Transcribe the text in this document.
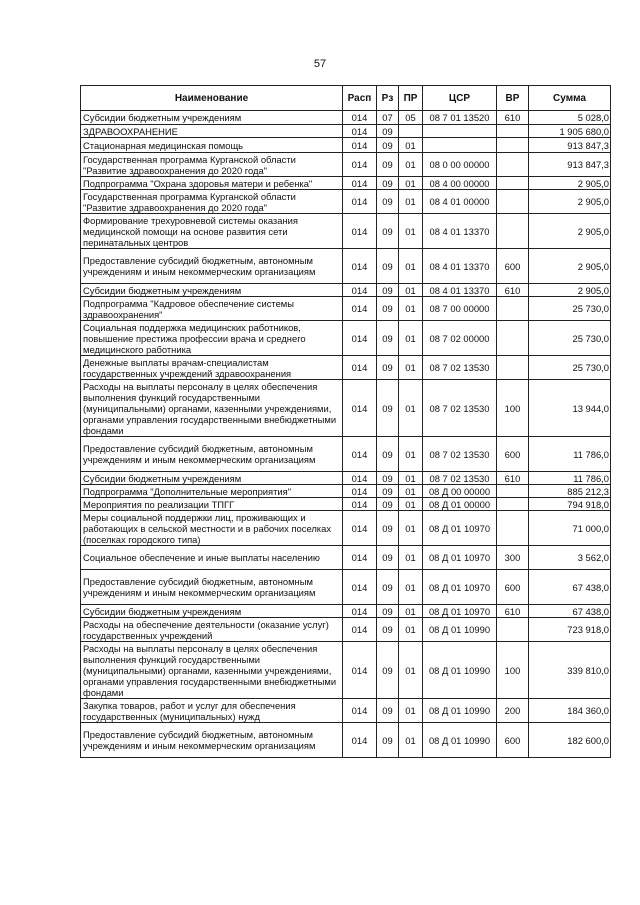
57
Наименование	Расп	Рз	ПР	ЦСР	ВР	Сумма
Субсидии бюджетным учреждениям	014	07	05	08 7 01 13520	610	5 028,0
ЗДРАВООХРАНЕНИЕ	014	09				1 905 680,0
Стационарная медицинская помощь	014	09	01			913 847,3
Государственная программа Курганской области "Развитие здравоохранения до 2020 года"	014	09	01	08 0 00 00000		913 847,3
Подпрограмма "Охрана здоровья матери и ребенка"	014	09	01	08 4 00 00000		2 905,0
Государственная программа Курганской области "Развитие здравоохранения до 2020 года"	014	09	01	08 4 01 00000		2 905,0
Формирование трехуровневой системы оказания медицинской помощи на основе развития сети перинатальных центров	014	09	01	08 4 01 13370		2 905,0
Предоставление субсидий бюджетным, автономным учреждениям и иным некоммерческим организациям	014	09	01	08 4 01 13370	600	2 905,0
Субсидии бюджетным учреждениям	014	09	01	08 4 01 13370	610	2 905,0
Подпрограмма "Кадровое обеспечение системы здравоохранения"	014	09	01	08 7 00 00000		25 730,0
Социальная поддержка медицинских работников, повышение престижа профессии врача и среднего медицинского работника	014	09	01	08 7 02 00000		25 730,0
Денежные выплаты врачам-специалистам государственных учреждений здравоохранения	014	09	01	08 7 02 13530		25 730,0
Расходы на выплаты персоналу в целях обеспечения выполнения функций государственными (муниципальными) органами, казенными учреждениями, органами управления государственными внебюджетными фондами	014	09	01	08 7 02 13530	100	13 944,0
Предоставление субсидий бюджетным, автономным учреждениям и иным некоммерческим организациям	014	09	01	08 7 02 13530	600	11 786,0
Субсидии бюджетным учреждениям	014	09	01	08 7 02 13530	610	11 786,0
Подпрограмма "Дополнительные мероприятия"	014	09	01	08 Д 00 00000		885 212,3
Мероприятия по реализации ТПГГ	014	09	01	08 Д 01 00000		794 918,0
Меры социальной поддержки лиц, проживающих и работающих в сельской местности и в рабочих поселках (поселках городского типа)	014	09	01	08 Д 01 10970		71 000,0
Социальное обеспечение и иные выплаты населению	014	09	01	08 Д 01 10970	300	3 562,0
Предоставление субсидий бюджетным, автономным учреждениям и иным некоммерческим организациям	014	09	01	08 Д 01 10970	600	67 438,0
Субсидии бюджетным учреждениям	014	09	01	08 Д 01 10970	610	67 438,0
Расходы на обеспечение деятельности (оказание услуг) государственных учреждений	014	09	01	08 Д 01 10990		723 918,0
Расходы на выплаты персоналу в целях обеспечения выполнения функций государственными (муниципальными) органами, казенными учреждениями, органами управления государственными внебюджетными фондами	014	09	01	08 Д 01 10990	100	339 810,0
Закупка товаров, работ и услуг для обеспечения государственных (муниципальных) нужд	014	09	01	08 Д 01 10990	200	184 360,0
Предоставление субсидий бюджетным, автономным учреждениям и иным некоммерческим организациям	014	09	01	08 Д 01 10990	600	182 600,0
